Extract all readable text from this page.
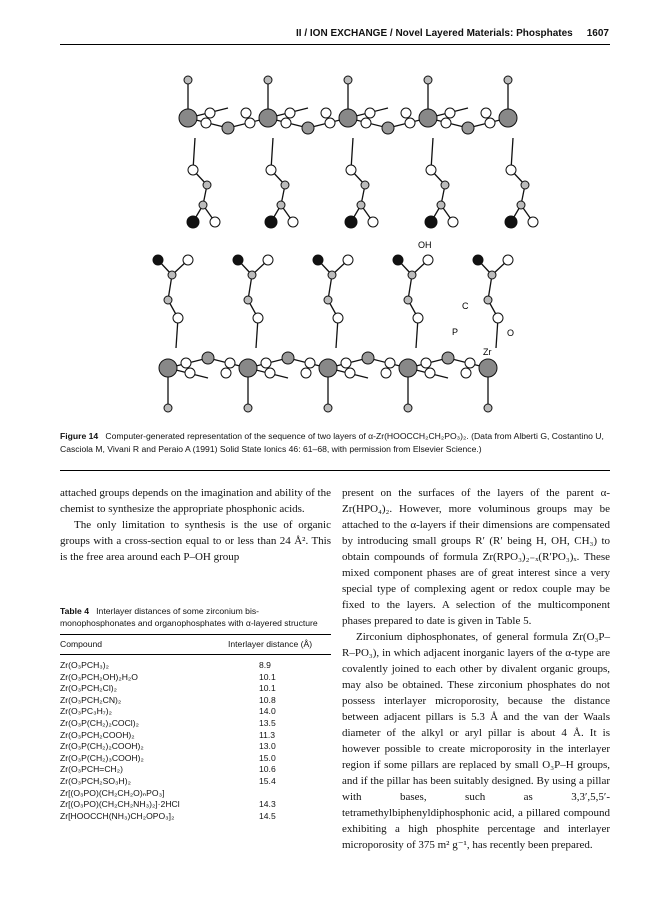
II / ION EXCHANGE / Novel Layered Materials: Phosphates 1607
OH
C
P	O
Zr
Figure 14 Computer-generated representation of the sequence of two layers of α-Zr(HOOCCH₂CH₂PO₃)₂. (Data from Alberti G, Costantino U, Casciola M, Vivani R and Peraio A (1991) Solid State Ionics 46: 61–68, with permission from Elsevier Science.)

attached groups depends on the imagination and ability of the chemist to synthesize the appropriate phosphonic acids.

The only limitation to synthesis is the use of organic groups with a cross-section equal to or less than 24 Å². This is the free area around each P–OH group

Table 4 Interlayer distances of some zirconium bis-monophosphonates and organophosphates with α-layered structure
Compound	Interlayer distance (Å)
Zr(O₃PCH₃)₂	8.9
Zr(O₃PCH₂OH)₂H₂O	10.1
Zr(O₃PCH₂Cl)₂	10.1
Zr(O₃PCH₂CN)₂	10.8
Zr(O₃PC₃H₇)₂	14.0
Zr(O₃P(CH₂)₂COCl)₂	13.5
Zr(O₃PCH₂COOH)₂	11.3
Zr(O₃P(CH₂)₂COOH)₂	13.0
Zr(O₃P(CH₂)₃COOH)₂	15.0
Zr(O₃PCH=CH₂)	10.6
Zr(O₃PCH₂SO₃H)₂	15.4
Zr[(O₃PO)(CH₂CH₂O)ₙPO₃]
Zr[(O₃PO)(CH₂CH₂NH₃)₂]·2HCl	14.3
Zr[HOOCCH(NH₃)CH₂OPO₃]₂	14.5

present on the surfaces of the layers of the parent α-Zr(HPO₄)₂. However, more voluminous groups may be attached to the α-layers if their dimensions are compensated by introducing small groups R′ (R′ being H, OH, CH₃) to obtain compounds of formula Zr(RPO₃)₂₋ₓ(R′PO₃)ₓ. These mixed component phases are of great interest since a very special type of complexing agent or redox couple may be fixed to the layers. A selection of the multicomponent phases prepared to date is given in Table 5.

Zirconium diphosphonates, of general formula Zr(O₃P–R–PO₃), in which adjacent inorganic layers of the α-type are covalently joined to each other by divalent organic groups, may also be obtained. These zirconium phosphates do not possess interlayer microporosity, because the distance between adjacent pillars is 5.3 Å and the van der Waals diameter of the alkyl or aryl pillar is about 4 Å. It is however possible to create microporosity in the interlayer region if some pillars are replaced by small O₃P–H groups, and if the pillar has been suitably designed. By using a pillar with bases, such as 3,3′,5,5′-tetramethylbiphenyldiphosphonic acid, a pillared compound exhibiting a high phosphite percentage and interlayer microporosity of 375 m² g⁻¹, has recently been prepared.
